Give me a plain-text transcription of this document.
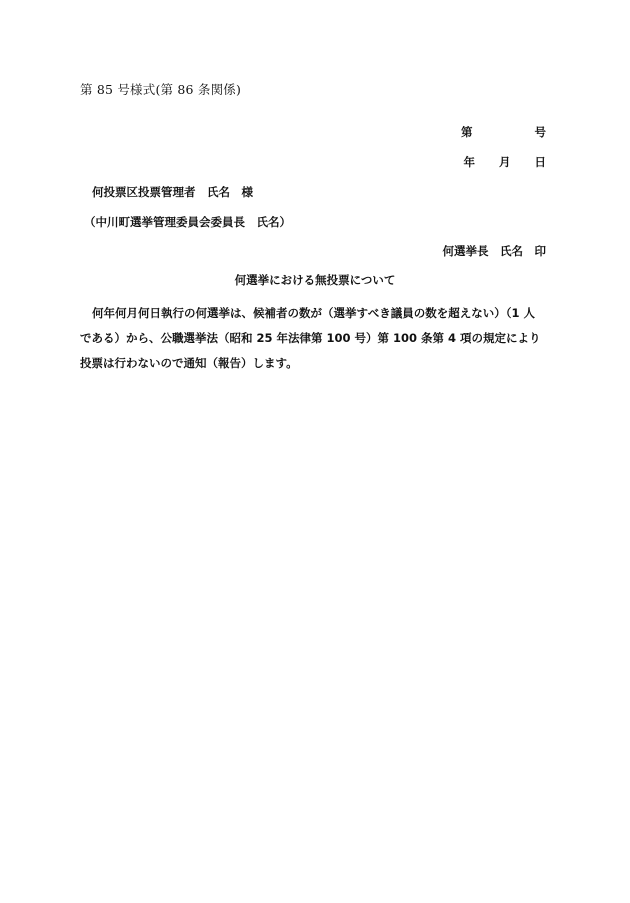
第 85 号様式(第 86 条関係)
第	号
年 月 日
何投票区投票管理者　氏名　様
（中川町選挙管理委員会委員長　氏名）
何選挙長　氏名　印
何選挙における無投票について
何年何月何日執行の何選挙は、候補者の数が（選挙すべき議員の数を超えない）（1 人である）から、公職選挙法（昭和 25 年法律第 100 号）第 100 条第 4 項の規定により投票は行わないので通知（報告）します。
